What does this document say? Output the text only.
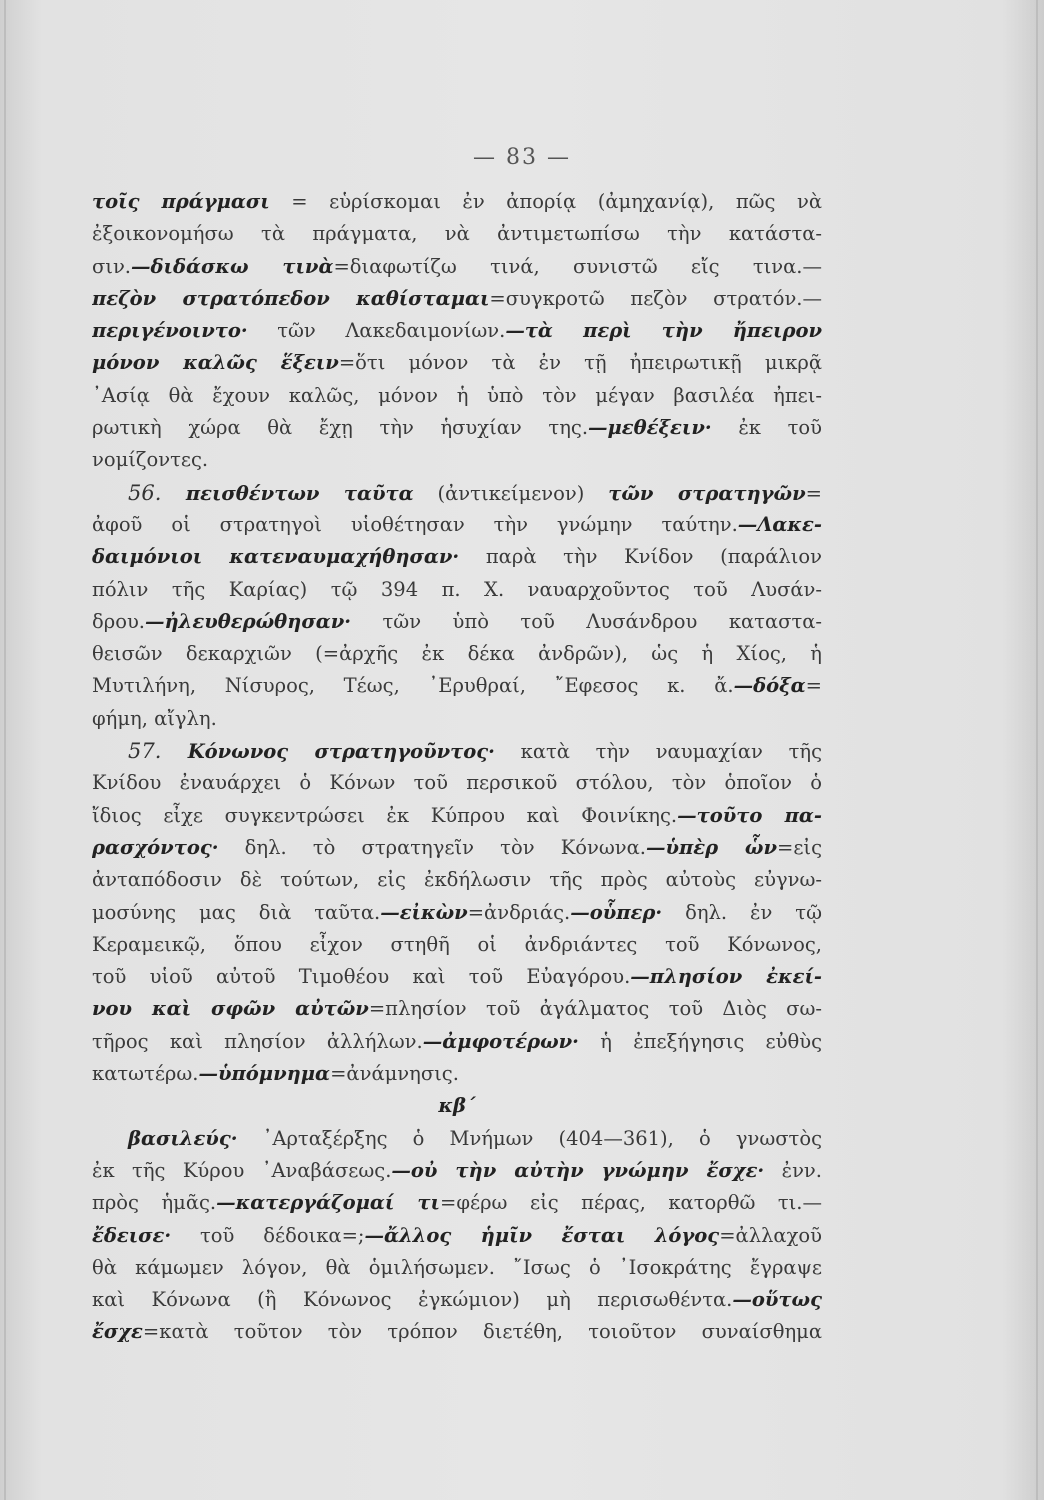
— 83 —
τοῖς πράγμασι = εὑρίσκομαι ἐν ἀπορίᾳ (ἀμηχανίᾳ), πῶς νὰ
ἐξοικονομήσω τὰ πράγματα, νὰ ἀντιμετωπίσω τὴν κατάστα-
σιν.—διδάσκω τινὰ=διαφωτίζω τινά, συνιστῶ εἴς τινα.—
πεζὸν στρατόπεδον καθίσταμαι=συγκροτῶ πεζὸν στρατόν.—
περιγένοιντο· τῶν Λακεδαιμονίων.—τὰ περὶ τὴν ἤπειρον
μόνον καλῶς ἕξειν=ὅτι μόνον τὰ ἐν τῇ ἠπειρωτικῇ μικρᾷ
᾿Ασίᾳ θὰ ἔχουν καλῶς, μόνον ἡ ὑπὸ τὸν μέγαν βασιλέα ἠπει-
ρωτικὴ χώρα θὰ ἔχῃ τὴν ἡσυχίαν της.—μεθέξειν· ἐκ τοῦ
νομίζοντες.
56. πεισθέντων ταῦτα (ἀντικείμενον) τῶν στρατηγῶν=
ἀφοῦ οἱ στρατηγοὶ υἱοθέτησαν τὴν γνώμην ταύτην.—Λακε-
δαιμόνιοι κατεναυμαχήθησαν· παρὰ τὴν Κνίδον (παράλιον
πόλιν τῆς Καρίας) τῷ 394 π. Χ. ναυαρχοῦντος τοῦ Λυσάν-
δρου.—ἠλευθερώθησαν· τῶν ὑπὸ τοῦ Λυσάνδρου καταστα-
θεισῶν δεκαρχιῶν (=ἀρχῆς ἐκ δέκα ἀνδρῶν), ὡς ἡ Χίος, ἡ
Μυτιλήνη, Νίσυρος, Τέως, ᾿Ερυθραί, ῎Εφεσος κ. ἄ.—δόξα=
φήμη, αἴγλη.
57. Κόνωνος στρατηγοῦντος· κατὰ τὴν ναυμαχίαν τῆς
Κνίδου ἐναυάρχει ὁ Κόνων τοῦ περσικοῦ στόλου, τὸν ὁποῖον ὁ
ἴδιος εἶχε συγκεντρώσει ἐκ Κύπρου καὶ Φοινίκης.—τοῦτο πα-
ρασχόντος· δηλ. τὸ στρατηγεῖν τὸν Κόνωνα.—ὑπὲρ ὧν=εἰς
ἀνταπόδοσιν δὲ τούτων, εἰς ἐκδήλωσιν τῆς πρὸς αὐτοὺς εὐγνω-
μοσύνης μας διὰ ταῦτα.—εἰκὼν=ἀνδριάς.—οὗπερ· δηλ. ἐν τῷ
Κεραμεικῷ, ὅπου εἶχον στηθῆ οἱ ἀνδριάντες τοῦ Κόνωνος,
τοῦ υἱοῦ αὐτοῦ Τιμοθέου καὶ τοῦ Εὐαγόρου.—πλησίον ἐκεί-
νου καὶ σφῶν αὐτῶν=πλησίον τοῦ ἀγάλματος τοῦ Διὸς σω-
τῆρος καὶ πλησίον ἀλλήλων.—ἀμφοτέρων· ἡ ἐπεξήγησις εὐθὺς
κατωτέρω.—ὑπόμνημα=ἀνάμνησις.
κβ΄
βασιλεύς· ᾿Αρταξέρξης ὁ Μνήμων (404—361), ὁ γνωστὸς
ἐκ τῆς Κύρου ᾿Αναβάσεως.—οὐ τὴν αὐτὴν γνώμην ἔσχε· ἐνν.
πρὸς ἡμᾶς.—κατεργάζομαί τι=φέρω εἰς πέρας, κατορθῶ τι.—
ἔδεισε· τοῦ δέδοικα=;—ἄλλος ἡμῖν ἔσται λόγος=ἀλλαχοῦ
θὰ κάμωμεν λόγον, θὰ ὁμιλήσωμεν. ῎Ισως ὁ ᾿Ισοκράτης ἔγραψε
καὶ Κόνωνα (ἢ Κόνωνος ἐγκώμιον) μὴ περισωθέντα.—οὕτως
ἔσχε=κατὰ τοῦτον τὸν τρόπον διετέθη, τοιοῦτον συναίσθημα
